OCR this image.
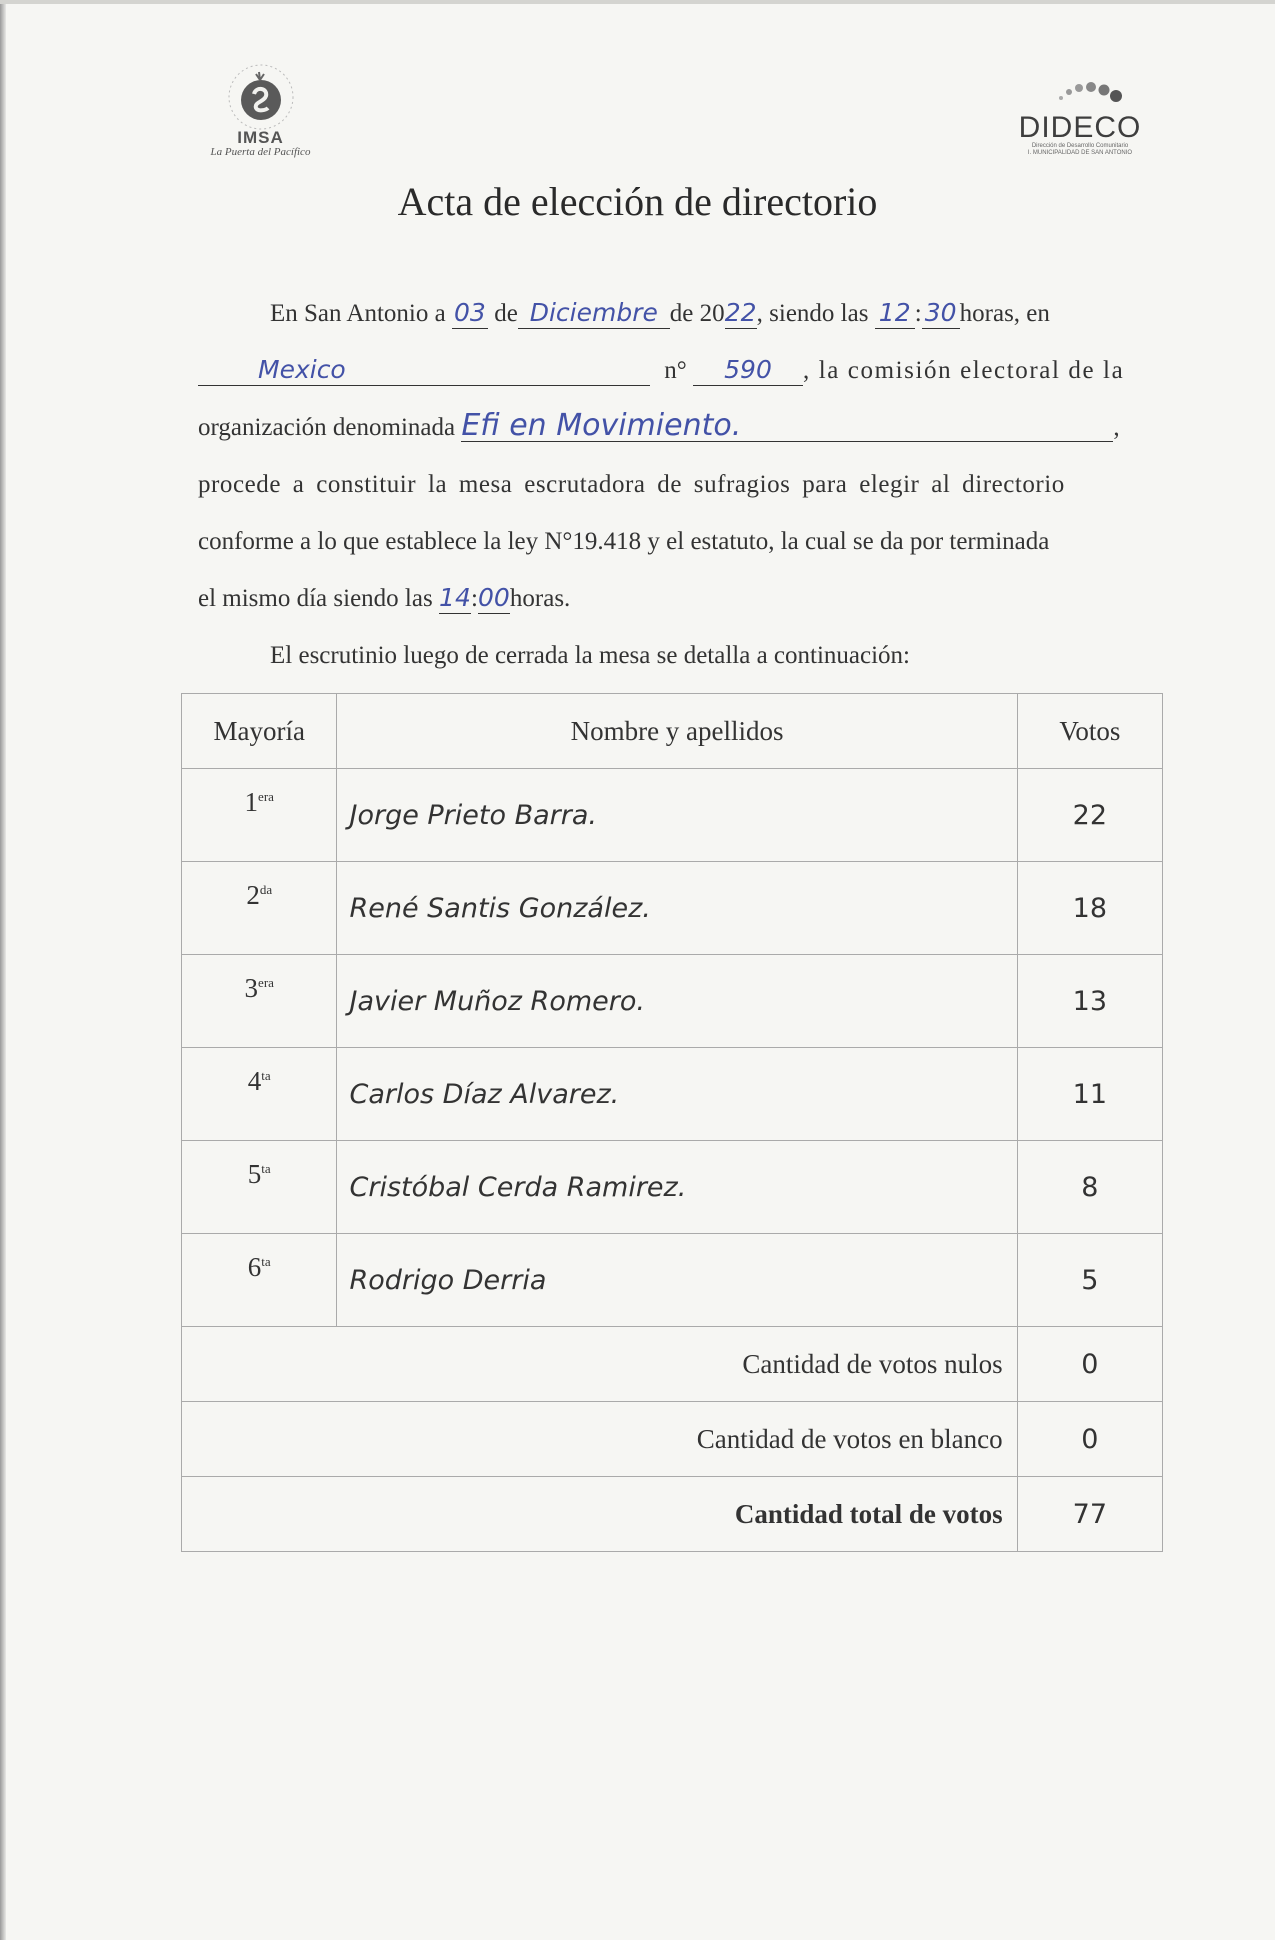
IMSA
La Puerta del Pacífico
DIDECO
Dirección de Desarrollo Comunitario
I. MUNICIPALIDAD DE SAN ANTONIO
Acta de elección de directorio
En San Antonio a 03 de Diciembre de 2022, siendo las 12 : 30 horas, en
Mexico	n° 590 , la comisión electoral de la
organización denominada Efi en Movimiento.	,
procede a constituir la mesa escrutadora de sufragios para elegir al directorio
conforme a lo que establece la ley N°19.418 y el estatuto, la cual se da por terminada
el mismo día siendo las 14:00horas.
El escrutinio luego de cerrada la mesa se detalla a continuación:
Mayoría	Nombre y apellidos	Votos
$1^{era}$	Jorge Prieto Barra.	22
$2^{da}$	René Santis González.	18
$3^{era}$	Javier Muñoz Romero.	13
$4^{ta}$	Carlos Díaz Alvarez.	11
$5^{ta}$	Cristóbal Cerda Ramirez.	8
$6^{ta}$	Rodrigo Derria	5
	Cantidad de votos nulos	0
	Cantidad de votos en blanco	0
	Cantidad total de votos	77
